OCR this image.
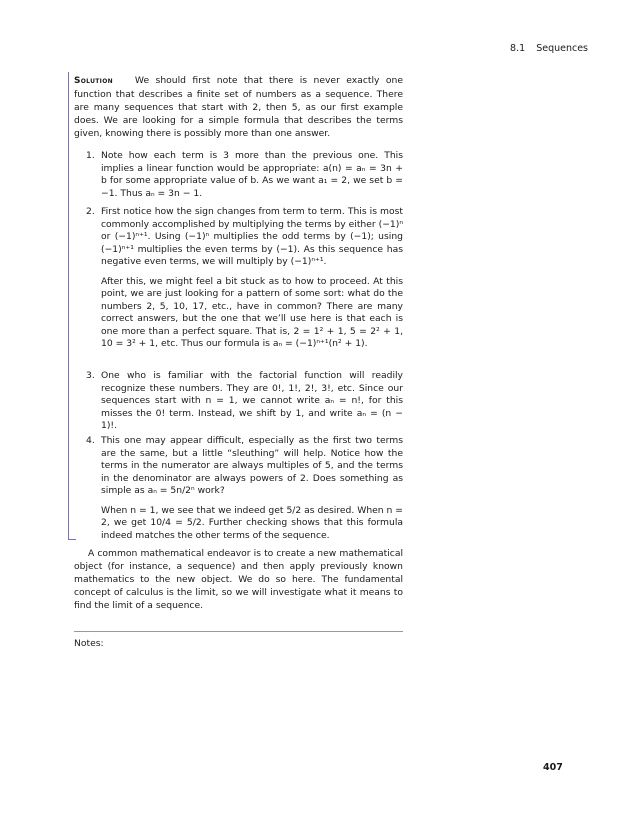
8.1 Sequences
Solution We should first note that there is never exactly one function that describes a finite set of numbers as a sequence. There are many sequences that start with 2, then 5, as our first example does. We are looking for a simple formula that describes the terms given, knowing there is possibly more than one answer.
1. Note how each term is 3 more than the previous one. This implies a linear function would be appropriate: a(n) = aₙ = 3n + b for some appropriate value of b. As we want a₁ = 2, we set b = −1. Thus aₙ = 3n − 1.

2. First notice how the sign changes from term to term. This is most commonly accomplished by multiplying the terms by either (−1)ⁿ or (−1)ⁿ⁺¹. Using (−1)ⁿ multiplies the odd terms by (−1); using (−1)ⁿ⁺¹ multiplies the even terms by (−1). As this sequence has negative even terms, we will multiply by (−1)ⁿ⁺¹.

After this, we might feel a bit stuck as to how to proceed. At this point, we are just looking for a pattern of some sort: what do the numbers 2, 5, 10, 17, etc., have in common? There are many correct answers, but the one that we’ll use here is that each is one more than a perfect square. That is, 2 = 1² + 1, 5 = 2² + 1, 10 = 3² + 1, etc. Thus our formula is aₙ = (−1)ⁿ⁺¹(n² + 1).

3. One who is familiar with the factorial function will readily recognize these numbers. They are 0!, 1!, 2!, 3!, etc. Since our sequences start with n = 1, we cannot write aₙ = n!, for this misses the 0! term. Instead, we shift by 1, and write aₙ = (n − 1)!.

4. This one may appear difficult, especially as the first two terms are the same, but a little “sleuthing” will help. Notice how the terms in the numerator are always multiples of 5, and the terms in the denominator are always powers of 2. Does something as simple as aₙ = 5n/2ⁿ work?

When n = 1, we see that we indeed get 5/2 as desired. When n = 2, we get 10/4 = 5/2. Further checking shows that this formula indeed matches the other terms of the sequence.

A common mathematical endeavor is to create a new mathematical object (for instance, a sequence) and then apply previously known mathematics to the new object. We do so here. The fundamental concept of calculus is the limit, so we will investigate what it means to find the limit of a sequence.
Notes:
407
